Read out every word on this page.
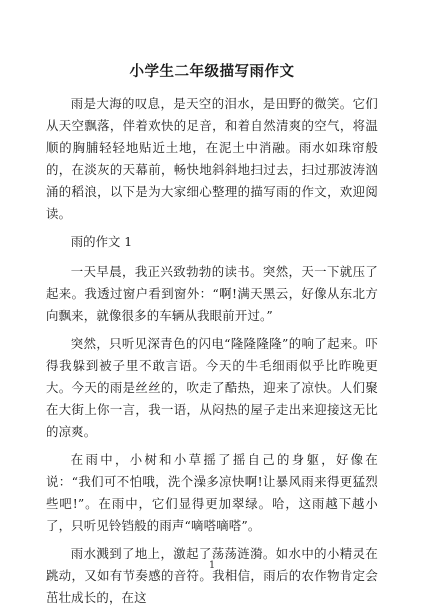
小学生二年级描写雨作文

雨是大海的叹息，是天空的泪水，是田野的微笑。它们从天空飘落，伴着欢快的足音，和着自然清爽的空气，将温顺的胸脯轻轻地贴近土地，在泥土中消融。雨水如珠帘般的，在淡灰的天幕前，畅快地斜斜地扫过去，扫过那波涛汹涌的稻浪，以下是为大家细心整理的描写雨的作文，欢迎阅读。

雨的作文 1

一天早晨，我正兴致勃勃的读书。突然，天一下就压了起来。我透过窗户看到窗外：“啊!满天黑云，好像从东北方向飘来，就像很多的车辆从我眼前开过。”

突然，只听见深青色的闪电“隆隆隆隆”的响了起来。吓得我躲到被子里不敢言语。今天的牛毛细雨似乎比昨晚更大。今天的雨是丝丝的，吹走了酷热，迎来了凉快。人们聚在大街上你一言，我一语，从闷热的屋子走出来迎接这无比的凉爽。

在雨中，小树和小草摇了摇自己的身躯，好像在说：“我们可不怕哦，洗个澡多凉快啊!让暴风雨来得更猛烈些吧!”。在雨中，它们显得更加翠绿。哈，这雨越下越小了，只听见铃铛般的雨声“嘀嗒嘀嗒”。

雨水溅到了地上，激起了荡荡涟漪。如水中的小精灵在跳动，又如有节奏感的音符。我相信，雨后的农作物肯定会茁壮成长的，在这

1
